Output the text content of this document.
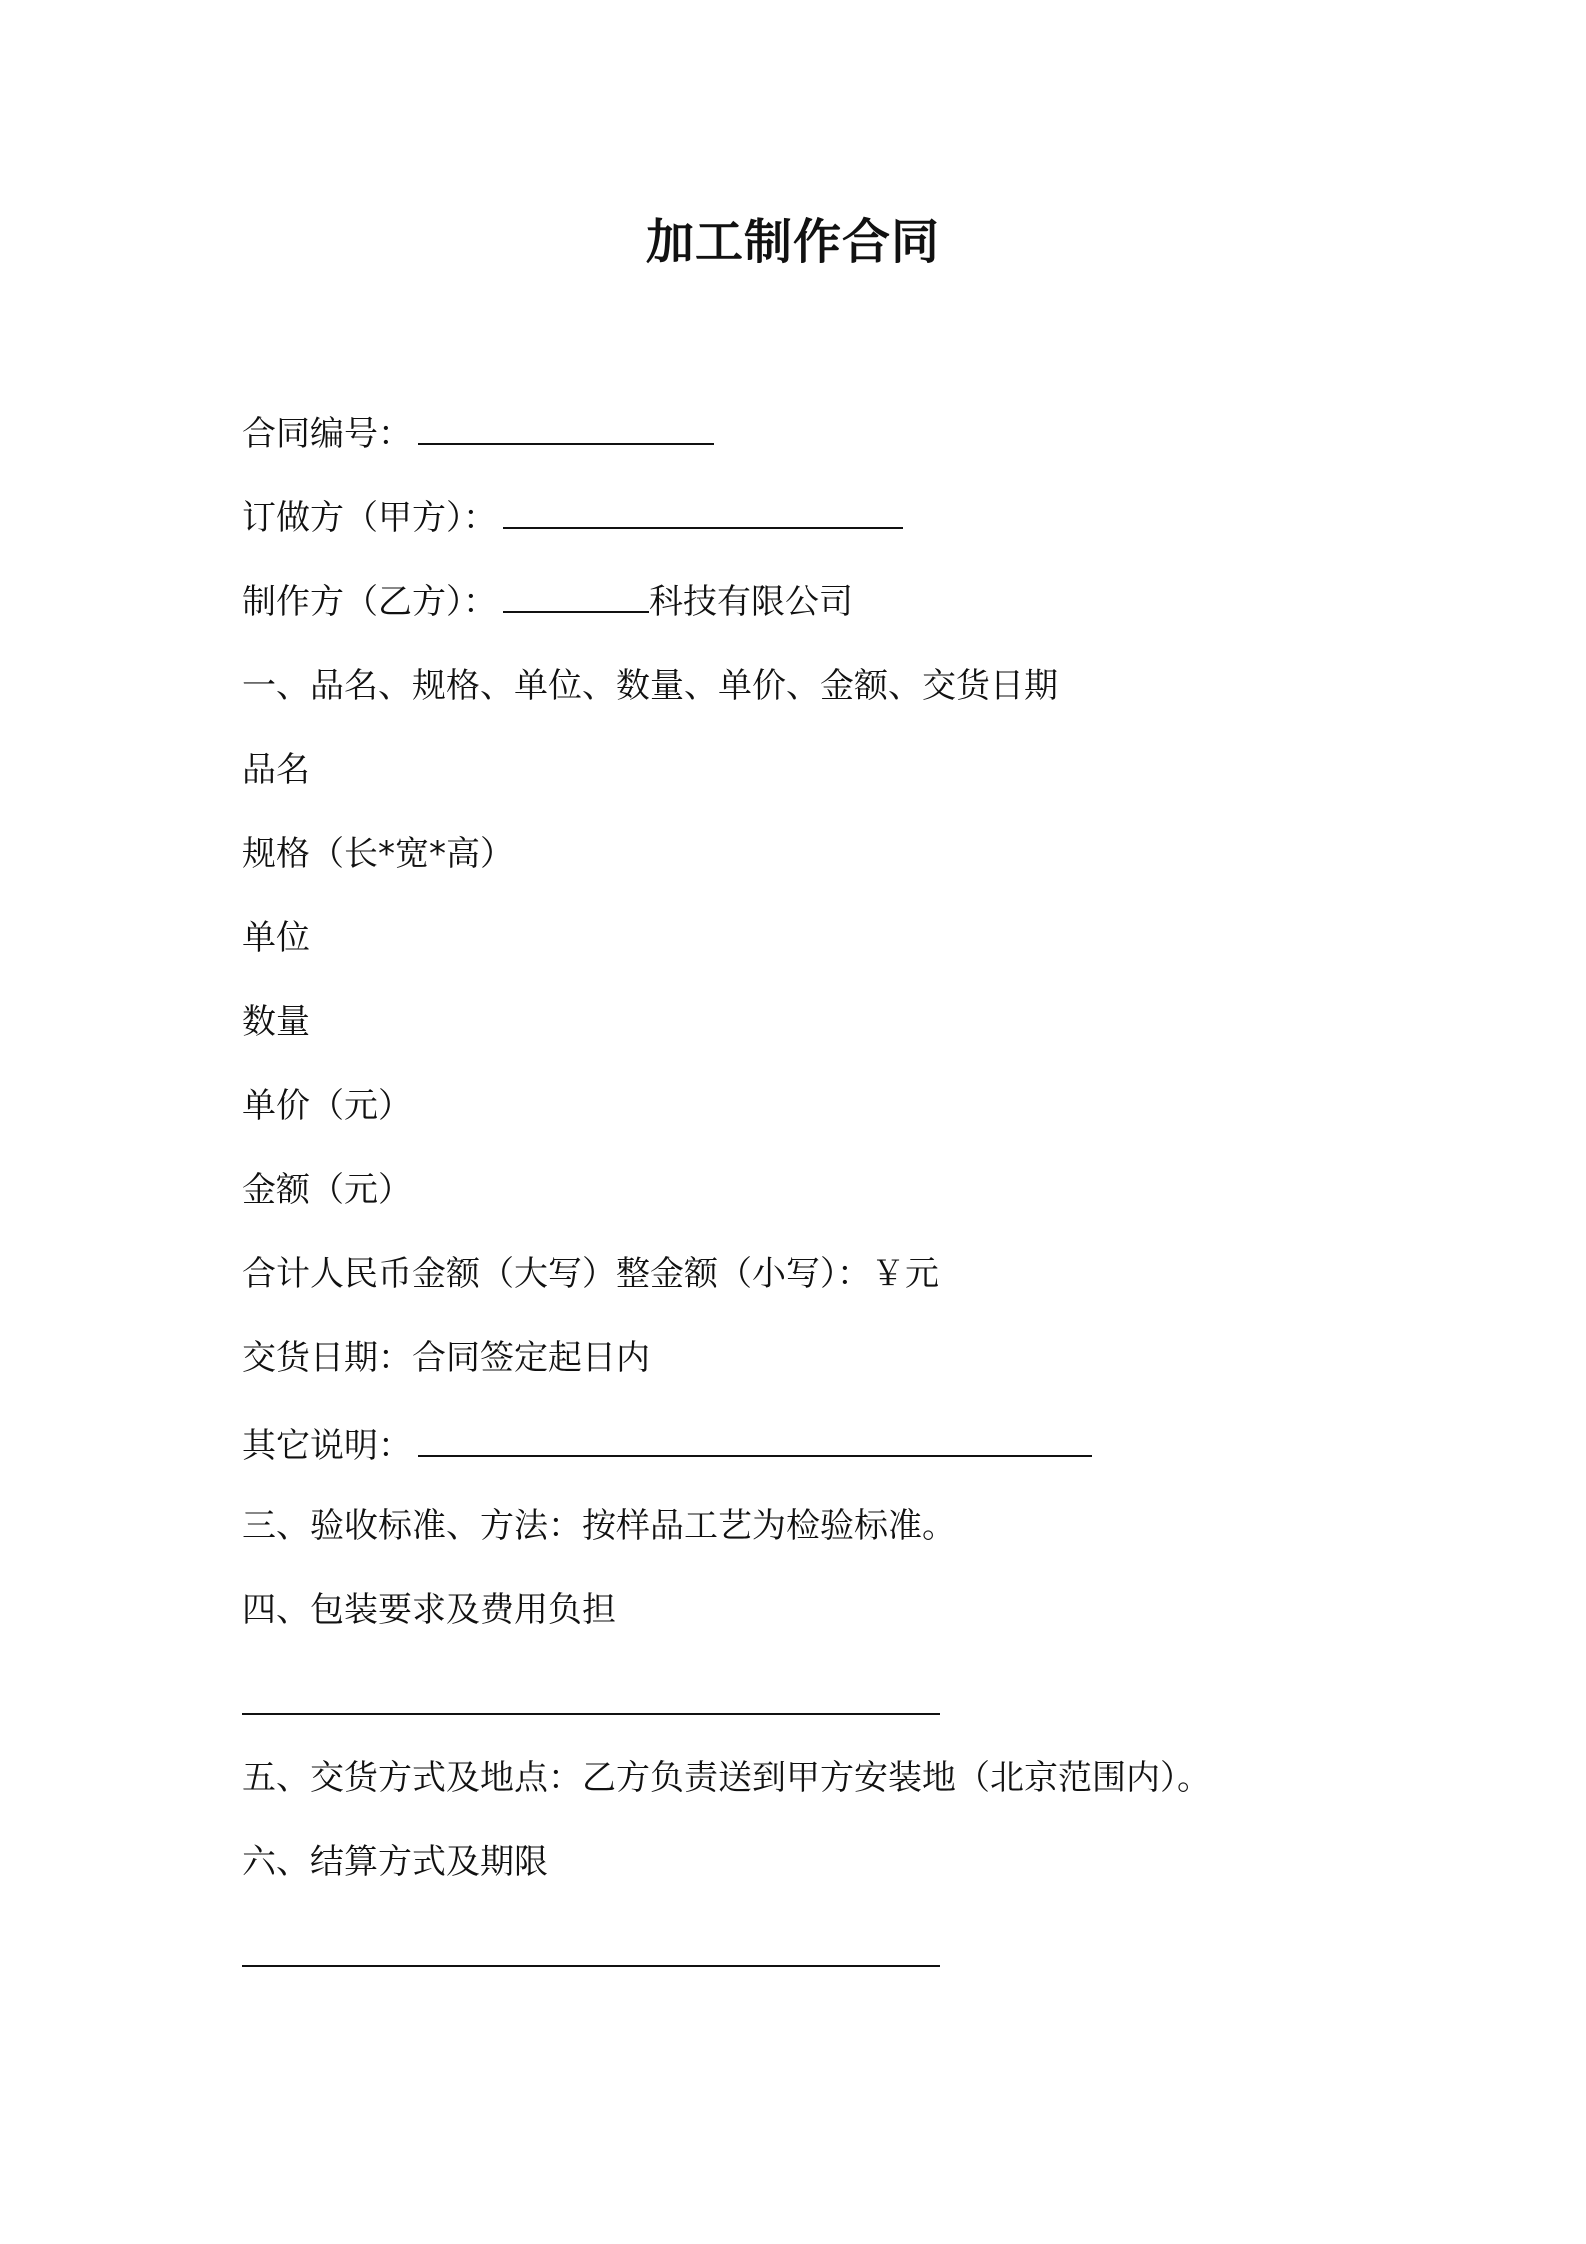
加工制作合同
合同编号：
订做方（甲方）：
制作方（乙方）：	科技有限公司
一、品名、规格、单位、数量、单价、金额、交货日期
品名
规格（长*宽*高）
单位
数量
单价（元）
金额（元）
合计人民币金额（大写）整金额（小写）：￥元
交货日期：合同签定起日内
其它说明：
三、验收标准、方法：按样品工艺为检验标准。
四、包装要求及费用负担
五、交货方式及地点：乙方负责送到甲方安装地（北京范围内）。
六、结算方式及期限
